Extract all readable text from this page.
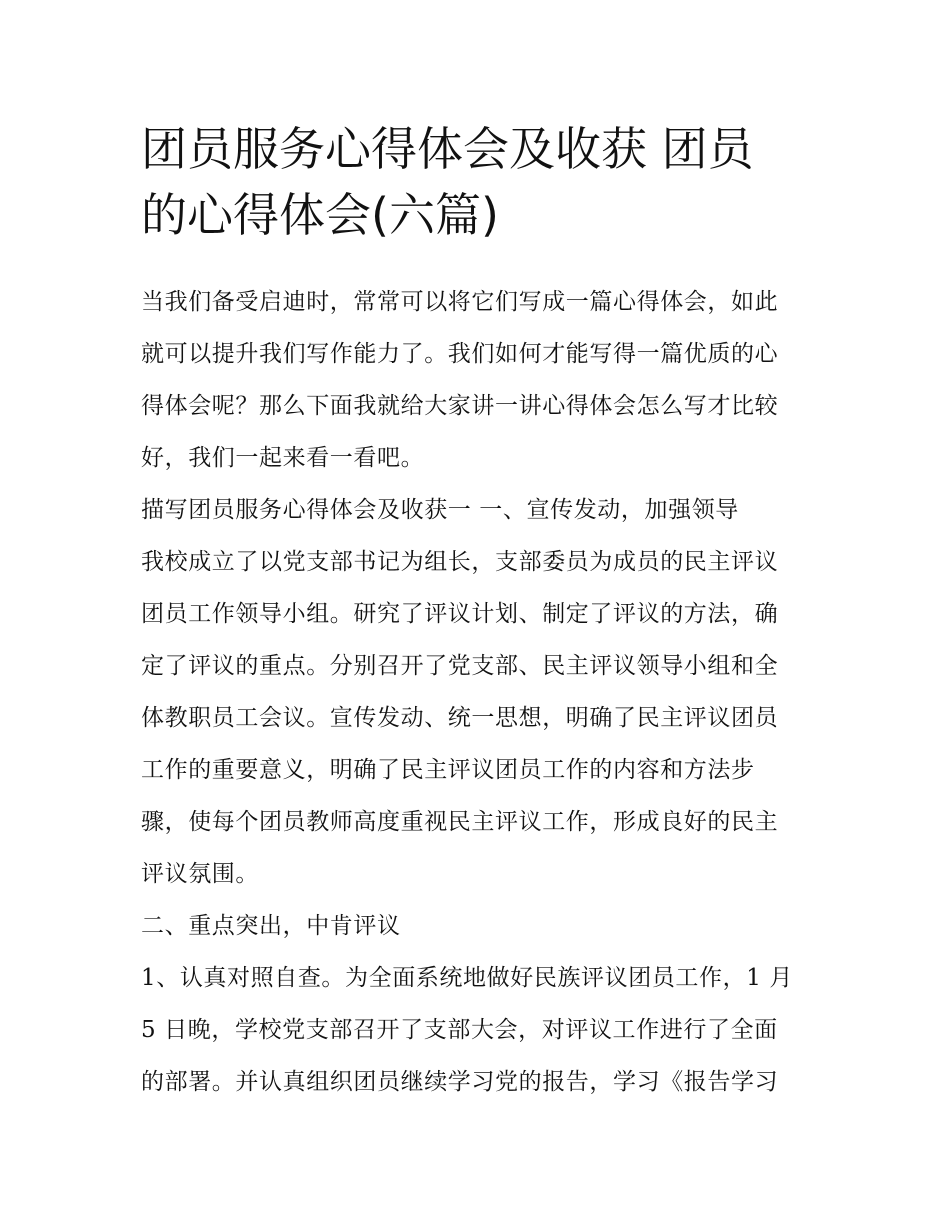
团员服务心得体会及收获 团员
的心得体会(六篇)
当我们备受启迪时，常常可以将它们写成一篇心得体会，如此
就可以提升我们写作能力了。我们如何才能写得一篇优质的心
得体会呢？那么下面我就给大家讲一讲心得体会怎么写才比较
好，我们一起来看一看吧。
描写团员服务心得体会及收获一 一、宣传发动，加强领导
我校成立了以党支部书记为组长，支部委员为成员的民主评议
团员工作领导小组。研究了评议计划、制定了评议的方法，确
定了评议的重点。分别召开了党支部、民主评议领导小组和全
体教职员工会议。宣传发动、统一思想，明确了民主评议团员
工作的重要意义，明确了民主评议团员工作的内容和方法步
骤，使每个团员教师高度重视民主评议工作，形成良好的民主
评议氛围。
二、重点突出，中肯评议
1、认真对照自查。为全面系统地做好民族评议团员工作，1 月
5 日晚，学校党支部召开了支部大会，对评议工作进行了全面
的部署。并认真组织团员继续学习党的报告，学习《报告学习
